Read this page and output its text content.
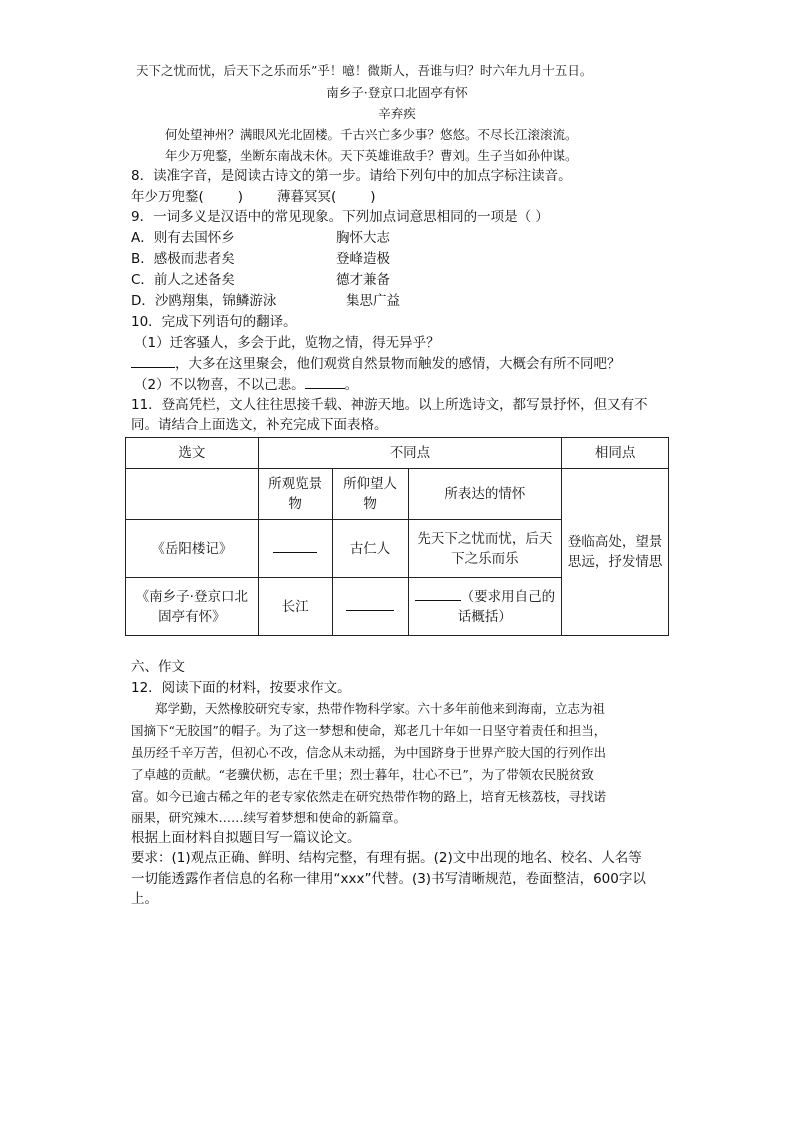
天下之忧而忧，后天下之乐而乐”乎！噫！微斯人，吾谁与归？时六年九月十五日。
南乡子·登京口北固亭有怀
辛弃疾
何处望神州？满眼风光北固楼。千古兴亡多少事？悠悠。不尽长江滚滚流。
年少万兜鍪，坐断东南战未休。天下英雄谁敌手？曹刘。生子当如孙仲谋。
8．读准字音，是阅读古诗文的第一步。请给下列句中的加点字标注读音。
年少万兜鍪(	)	薄暮冥冥(	)
9．一词多义是汉语中的常见现象。下列加点词意思相同的一项是（ ）
A．则有去国怀乡	胸怀大志
B．感极而悲者矣	登峰造极
C．前人之述备矣	德才兼备
D．沙鸥翔集，锦鳞游泳	集思广益
10．完成下列语句的翻译。
（1）迁客骚人，多会于此，览物之情，得无异乎？
，大多在这里聚会，他们观赏自然景物而触发的感情，大概会有所不同吧？
（2）不以物喜，不以己悲。	。
11．登高凭栏，文人往往思接千载、神游天地。以上所选诗文，都写景抒怀，但又有不
同。请结合上面选文，补充完成下面表格。
选文	不同点			相同点
	所观览景物	所仰望人物	所表达的情怀	登临高处，望景思远，抒发情思
《岳阳楼记》		古仁人	先天下之忧而忧，后天下之乐而乐	
《南乡子·登京口北固亭有怀》	长江		（要求用自己的话概括）	
六、作文
12．阅读下面的材料，按要求作文。
郑学勤，天然橡胶研究专家，热带作物科学家。六十多年前他来到海南，立志为祖
国摘下“无胶国”的帽子。为了这一梦想和使命，郑老几十年如一日坚守着责任和担当，
虽历经千辛万苦，但初心不改，信念从未动摇，为中国跻身于世界产胶大国的行列作出
了卓越的贡献。“老骥伏枥，志在千里；烈士暮年，壮心不已”，为了带领农民脱贫致
富。如今已逾古稀之年的老专家依然走在研究热带作物的路上，培育无核荔枝，寻找诺
丽果，研究辣木……续写着梦想和使命的新篇章。
根据上面材料自拟题目写一篇议论文。
要求：(1)观点正确、鲜明、结构完整，有理有据。(2)文中出现的地名、校名、人名等
一切能透露作者信息的名称一律用“xxx”代替。(3)书写清晰规范，卷面整洁，600字以
上。
